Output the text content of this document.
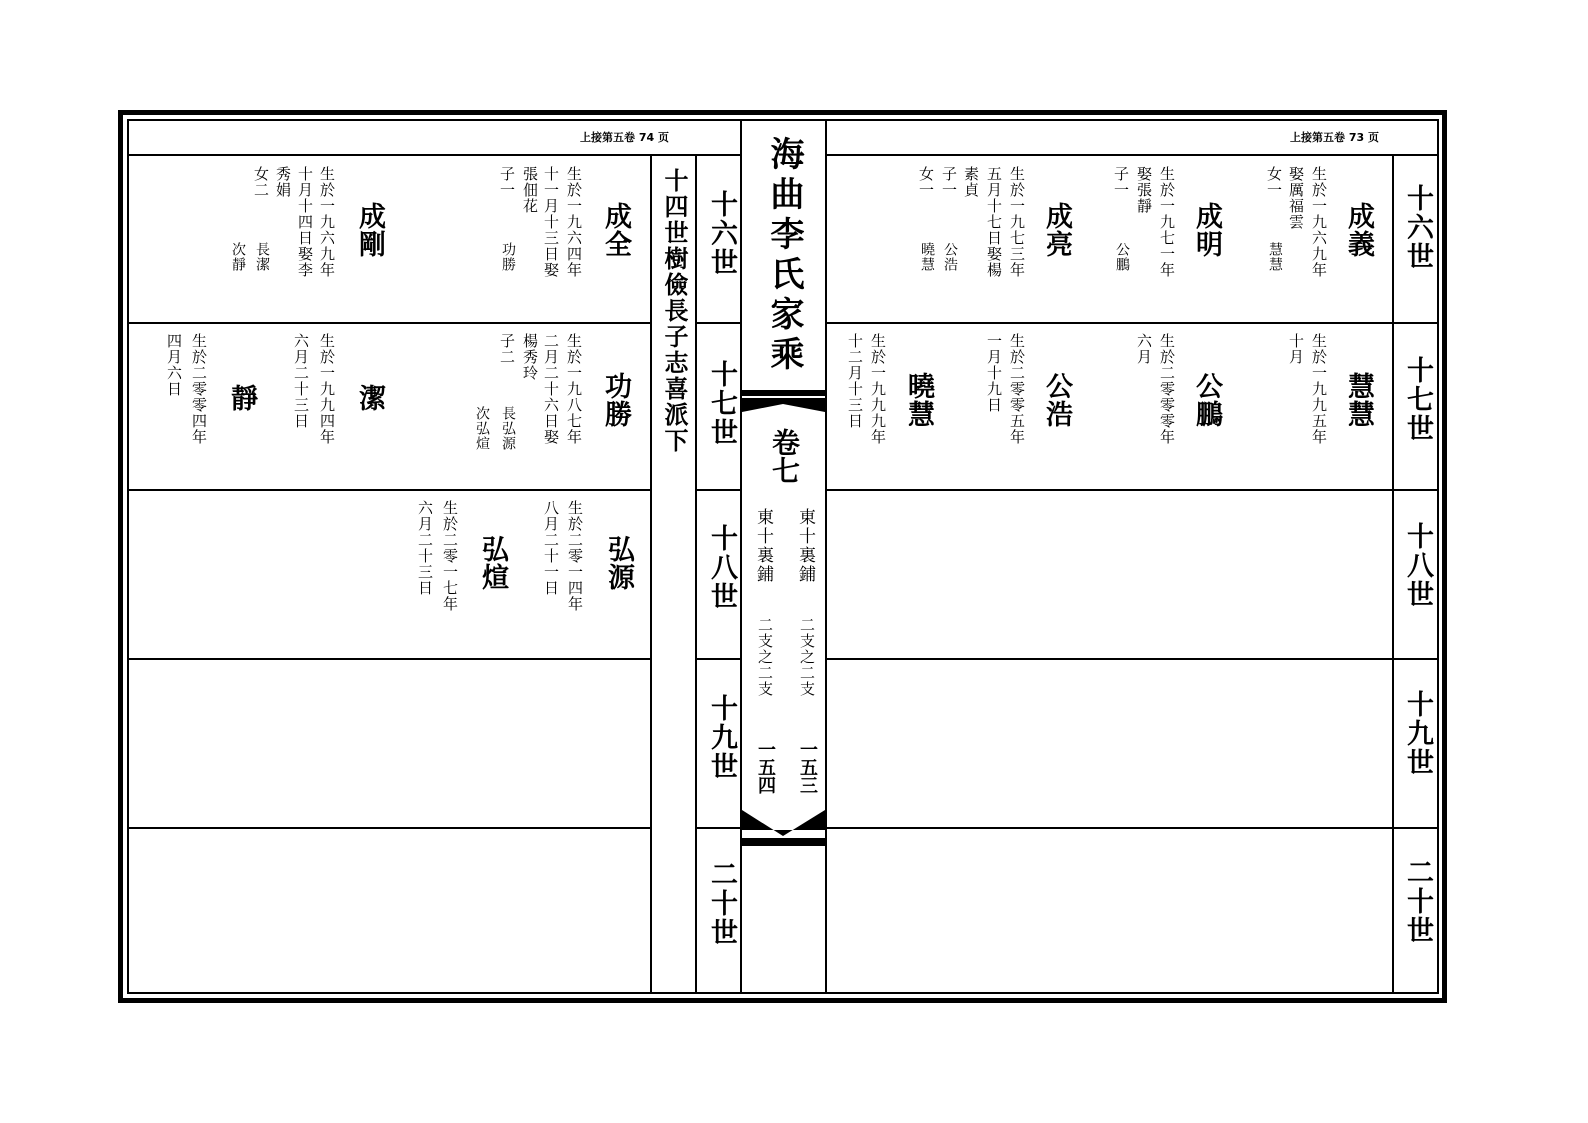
上接第五卷 74 页	上接第五卷 73 页
海曲李氏家乘
卷七
東十裏鋪
東十裏鋪
二支之二支
二支之二支
一五三
一五四
十四世樹儉長子志喜派下 十六世
十七世
十八世
十九世
二十世
十六世
十七世
十八世
十九世
二十世
成全
生於一九六四年
十一月十三日娶
張佃花
子一
功勝
成剛
生於一九六九年
十月十四日娶李
秀娟
女二
長潔
次靜
功勝
生於一九八七年
二月二十六日娶
楊秀玲
子二
長弘源
次弘煊
潔
生於一九九四年
六月二十三日
靜
生於二零零四年
四月六日
弘源
生於二零一四年
八月二十一日
弘煊
生於二零一七年
六月二十三日
成義
生於一九六九年
娶厲福雲
女一
慧慧
成明
生於一九七一年
娶張靜
子一
公鵬
成亮
生於一九七三年
五月十七日娶楊
素貞
子一
女一
公浩
曉慧
慧慧
生於一九九五年
十月
公鵬
生於二零零零年
六月
公浩
生於二零零五年
一月十九日
曉慧
生於一九九九年
十二月十三日
